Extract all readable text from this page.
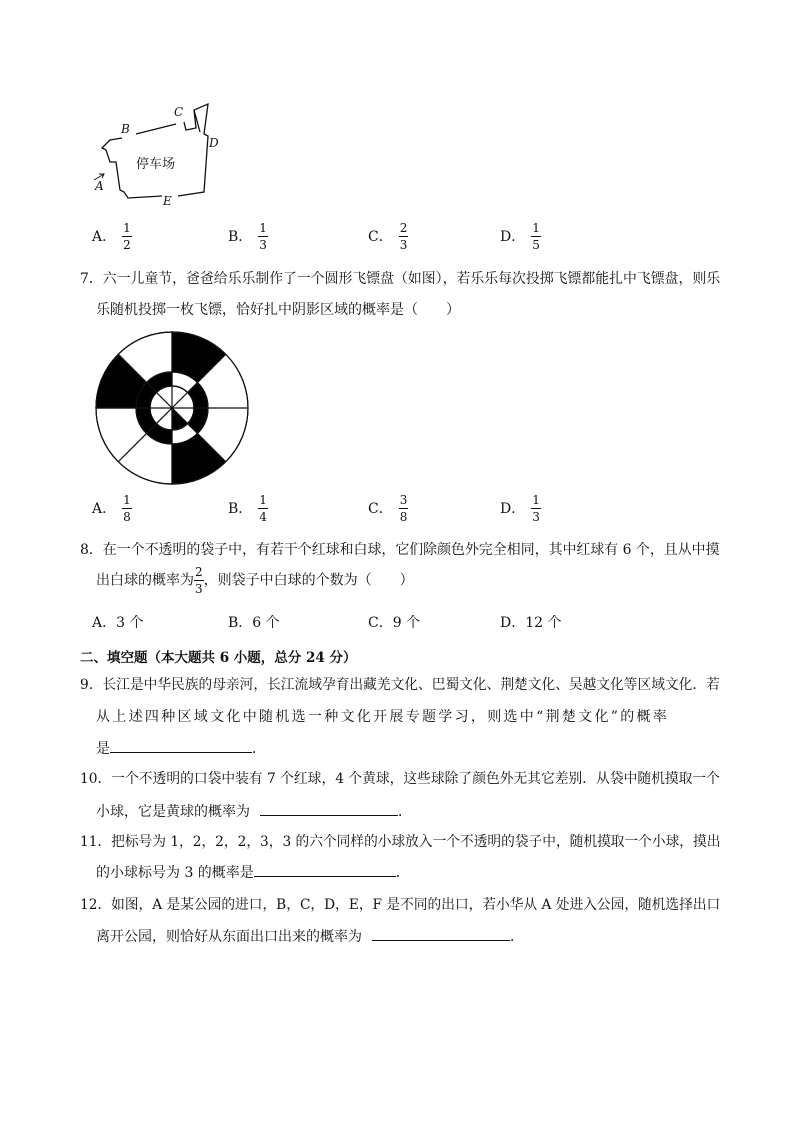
停车场
A
B
C
D
E
A． $\frac{1}{2}$	B． $\frac{1}{3}$	C． $\frac{2}{3}$	D． $\frac{1}{5}$
7．六一儿童节，爸爸给乐乐制作了一个圆形飞镖盘（如图），若乐乐每次投掷飞镖都能扎中飞镖盘，则乐
乐随机投掷一枚飞镖，恰好扎中阴影区域的概率是（　　）
A． $\frac{1}{8}$	B． $\frac{1}{4}$	C． $\frac{3}{8}$	D． $\frac{1}{3}$
8．在一个不透明的袋子中，有若干个红球和白球，它们除颜色外完全相同，其中红球有 6 个，且从中摸
出白球的概率为 $\frac{2}{3}$ ，则袋子中白球的个数为（　　）
A．3 个	B．6 个	C．9 个	D．12 个
二、填空题（本大题共 6 小题，总分 24 分）
9．长江是中华民族的母亲河，长江流域孕育出藏羌文化、巴蜀文化、荆楚文化、吴越文化等区域文化．若
从上述四种区域文化中随机选一种文化开展专题学习，则选中“荆楚文化”的概率
是	．
10．一个不透明的口袋中装有 7 个红球，4 个黄球，这些球除了颜色外无其它差别．从袋中随机摸取一个
小球，它是黄球的概率为	．
11．把标号为 1，2，2，2，3，3 的六个同样的小球放入一个不透明的袋子中，随机摸取一个小球，摸出
的小球标号为 3 的概率是	．
12．如图，A 是某公园的进口，B，C，D，E，F 是不同的出口，若小华从 A 处进入公园，随机选择出口
离开公园，则恰好从东面出口出来的概率为	．
